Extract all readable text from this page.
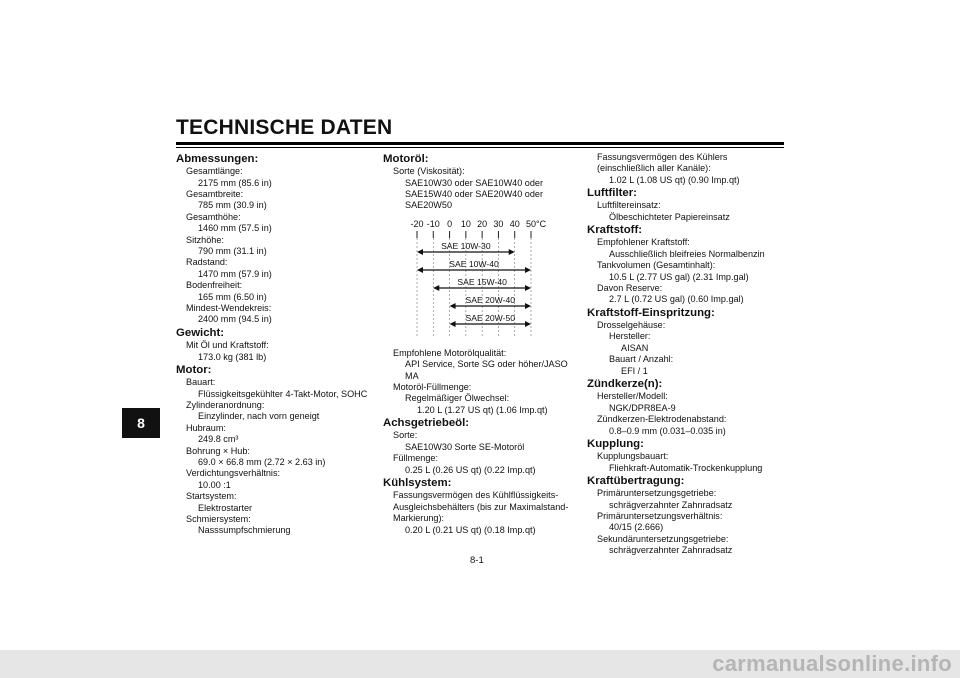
TECHNISCHE DATEN
8
Abmessungen:
Gesamtlänge:
2175 mm (85.6 in)
Gesamtbreite:
785 mm (30.9 in)
Gesamthöhe:
1460 mm (57.5 in)
Sitzhöhe:
790 mm (31.1 in)
Radstand:
1470 mm (57.9 in)
Bodenfreiheit:
165 mm (6.50 in)
Mindest-Wendekreis:
2400 mm (94.5 in)
Gewicht:
Mit Öl und Kraftstoff:
173.0 kg (381 lb)
Motor:
Bauart:
Flüssigkeitsgekühlter 4-Takt-Motor, SOHC
Zylinderanordnung:
Einzylinder, nach vorn geneigt
Hubraum:
249.8 cm³
Bohrung × Hub:
69.0 × 66.8 mm (2.72 × 2.63 in)
Verdichtungsverhältnis:
10.00 :1
Startsystem:
Elektrostarter
Schmiersystem:
Nasssumpfschmierung
Motoröl:
Sorte (Viskosität):
SAE10W30 oder SAE10W40 oder
SAE15W40 oder SAE20W40 oder
SAE20W50
-20 -10 0 10 20 30 40 50 °C
SAE 10W-30
SAE 10W-40
SAE 15W-40
SAE 20W-40
SAE 20W-50
Empfohlene Motorölqualität:
API Service, Sorte SG oder höher/JASO
MA
Motoröl-Füllmenge:
Regelmäßiger Ölwechsel:
1.20 L (1.27 US qt) (1.06 Imp.qt)
Achsgetriebeöl:
Sorte:
SAE10W30 Sorte SE-Motoröl
Füllmenge:
0.25 L (0.26 US qt) (0.22 Imp.qt)
Kühlsystem:
Fassungsvermögen des Kühlflüssigkeits-
Ausgleichsbehälters (bis zur Maximalstand-
Markierung):
0.20 L (0.21 US qt) (0.18 Imp.qt)
Fassungsvermögen des Kühlers
(einschließlich aller Kanäle):
1.02 L (1.08 US qt) (0.90 Imp.qt)
Luftfilter:
Luftfiltereinsatz:
Ölbeschichteter Papiereinsatz
Kraftstoff:
Empfohlener Kraftstoff:
Ausschließlich bleifreies Normalbenzin
Tankvolumen (Gesamtinhalt):
10.5 L (2.77 US gal) (2.31 Imp.gal)
Davon Reserve:
2.7 L (0.72 US gal) (0.60 Imp.gal)
Kraftstoff-Einspritzung:
Drosselgehäuse:
Hersteller:
AISAN
Bauart / Anzahl:
EFI / 1
Zündkerze(n):
Hersteller/Modell:
NGK/DPR8EA-9
Zündkerzen-Elektrodenabstand:
0.8–0.9 mm (0.031–0.035 in)
Kupplung:
Kupplungsbauart:
Fliehkraft-Automatik-Trockenkupplung
Kraftübertragung:
Primäruntersetzungsgetriebe:
schrägverzahnter Zahnradsatz
Primäruntersetzungsverhältnis:
40/15 (2.666)
Sekundäruntersetzungsgetriebe:
schrägverzahnter Zahnradsatz
8-1
carmanualsonline.info
